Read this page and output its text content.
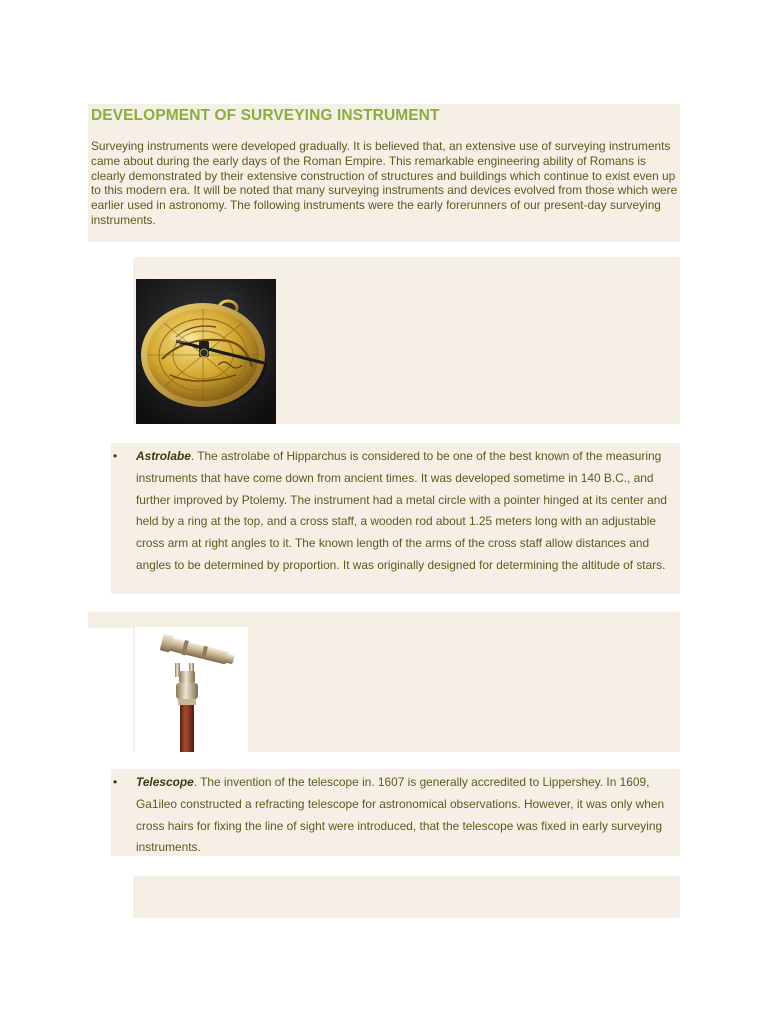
DEVELOPMENT OF SURVEYING INSTRUMENT

Surveying instruments were developed gradually. It is believed that, an extensive use of surveying instruments came about during the early days of the Roman Empire. This remarkable engineering ability of Romans is clearly demonstrated by their extensive construction of structures and buildings which continue to exist even up to this modern era. It will be noted that many surveying instruments and devices evolved from those which were earlier used in astronomy. The following instruments were the early forerunners of our present-day surveying instruments.

• Astrolabe. The astrolabe of Hipparchus is considered to be one of the best known of the measuring instruments that have come down from ancient times. It was developed sometime in 140 B.C., and further improved by Ptolemy. The instrument had a metal circle with a pointer hinged at its center and held by a ring at the top, and a cross staff, a wooden rod about 1.25 meters long with an adjustable cross arm at right angles to it. The known length of the arms of the cross staff allow distances and angles to be determined by proportion. It was originally designed for determining the altitude of stars.

• Telescope. The invention of the telescope in. 1607 is generally accredited to Lippershey. In 1609, Ga1ileo constructed a refracting telescope for astronomical observations. However, it was only when cross hairs for fixing the line of sight were introduced, that the telescope was fixed in early surveying instruments.
